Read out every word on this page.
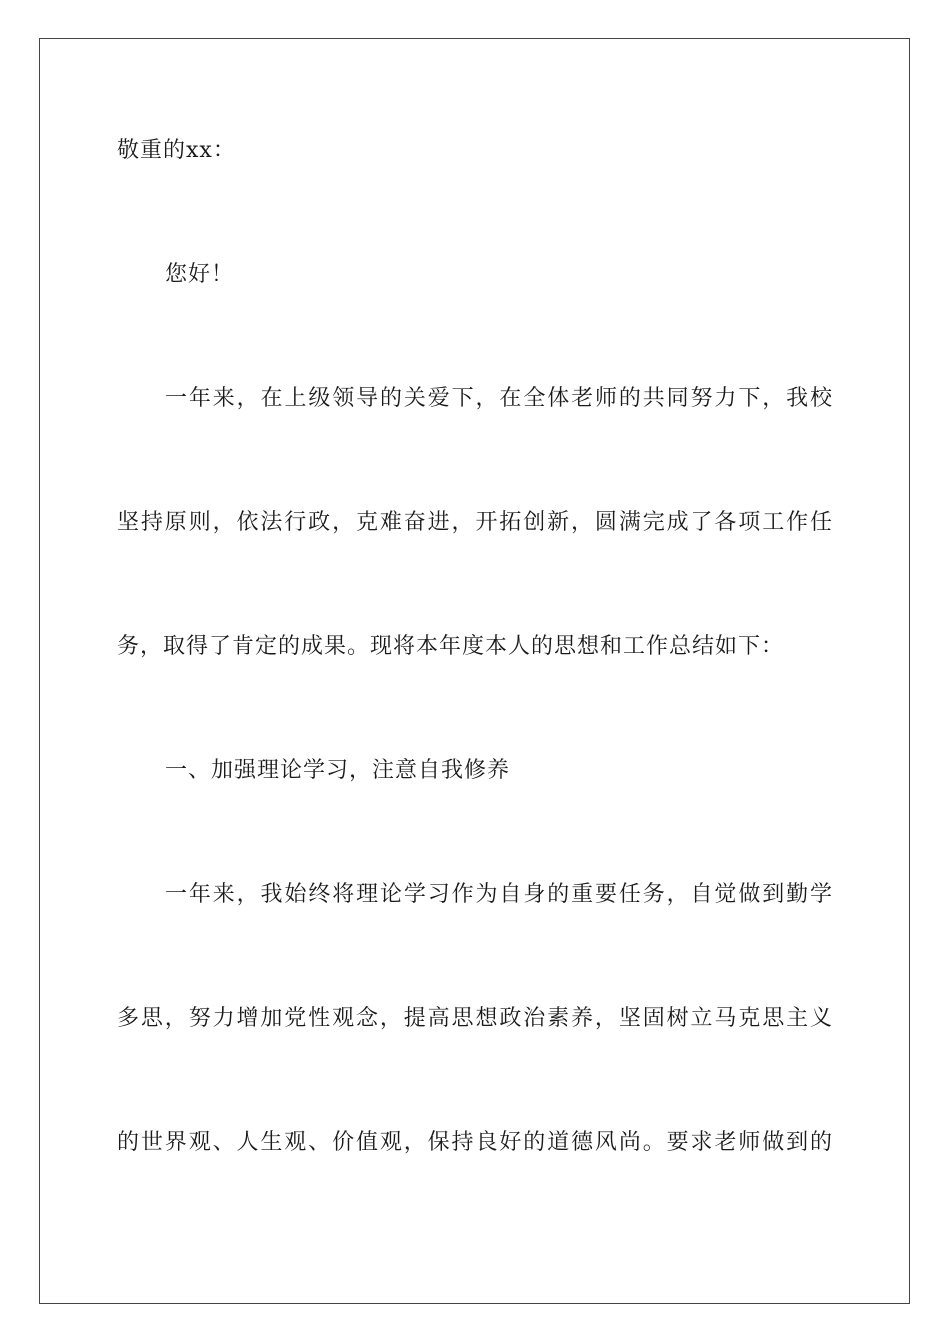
敬重的xx：
您好！
一年来，在上级领导的关爱下，在全体老师的共同努力下，我校
坚持原则，依法行政，克难奋进，开拓创新，圆满完成了各项工作任
务，取得了肯定的成果。现将本年度本人的思想和工作总结如下：
一、加强理论学习，注意自我修养
一年来，我始终将理论学习作为自身的重要任务，自觉做到勤学
多思，努力增加党性观念，提高思想政治素养，坚固树立马克思主义
的世界观、人生观、价值观，保持良好的道德风尚。要求老师做到的
